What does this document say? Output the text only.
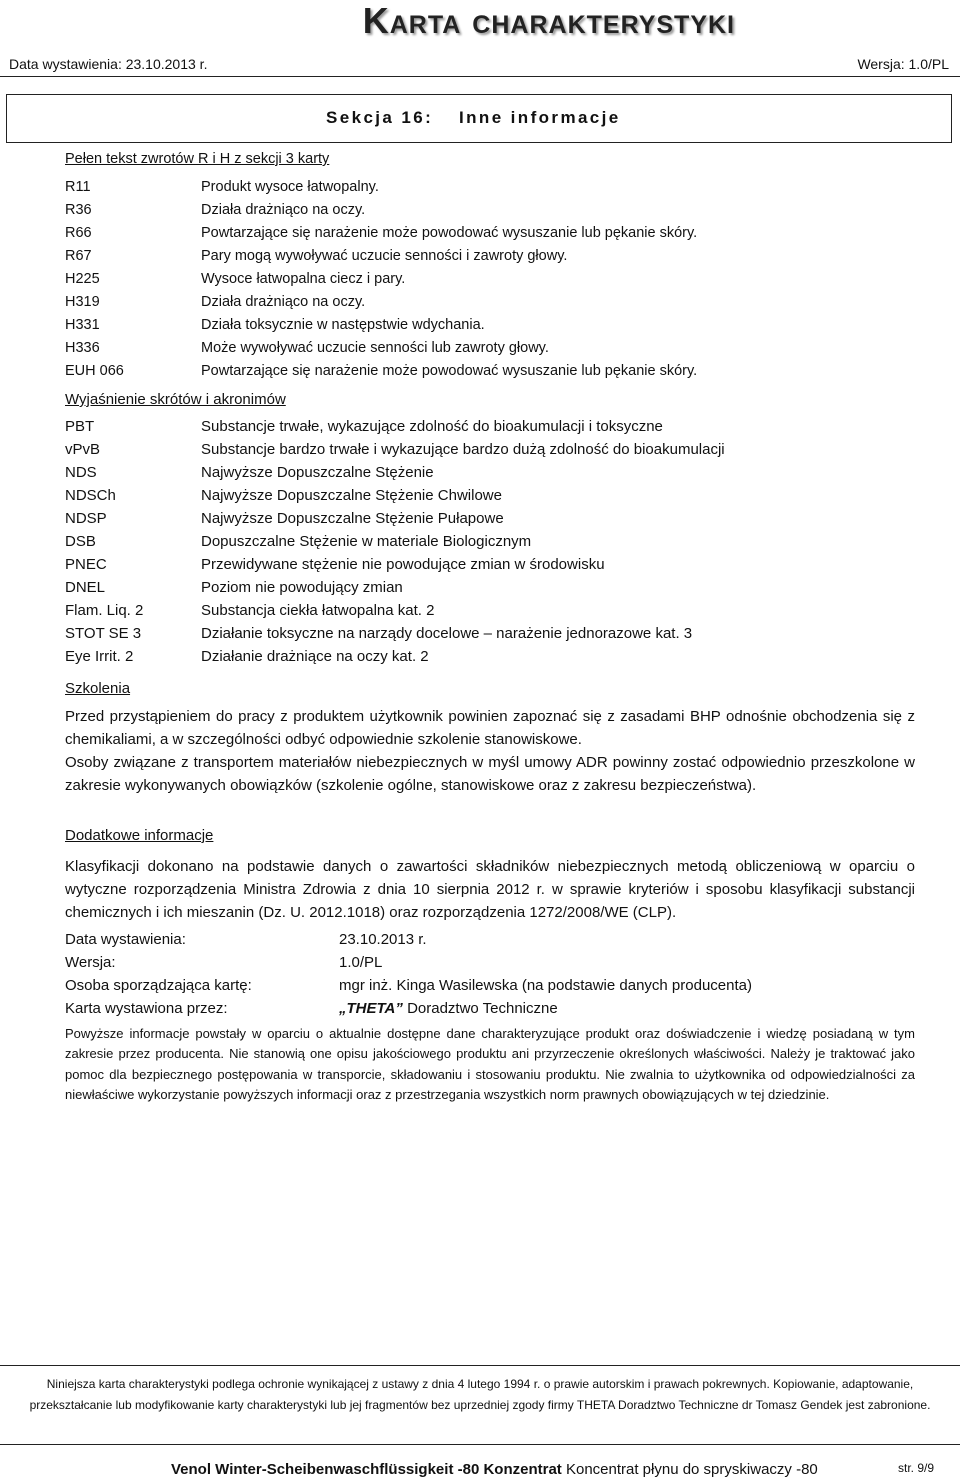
Karta charakterystyki
Data wystawienia: 23.10.2013 r.	Wersja: 1.0/PL
Sekcja 16: Inne informacje
Pełen tekst zwrotów R i H z sekcji 3 karty
R11	Produkt wysoce łatwopalny.
R36	Działa drażniąco na oczy.
R66	Powtarzające się narażenie może powodować wysuszanie lub pękanie skóry.
R67	Pary mogą wywoływać uczucie senności i zawroty głowy.
H225	Wysoce łatwopalna ciecz i pary.
H319	Działa drażniąco na oczy.
H331	Działa toksycznie w następstwie wdychania.
H336	Może wywoływać uczucie senności lub zawroty głowy.
EUH 066	Powtarzające się narażenie może powodować wysuszanie lub pękanie skóry.
Wyjaśnienie skrótów i akronimów
PBT	Substancje trwałe, wykazujące zdolność do bioakumulacji i toksyczne
vPvB	Substancje bardzo trwałe i wykazujące bardzo dużą zdolność do bioakumulacji
NDS	Najwyższe Dopuszczalne Stężenie
NDSCh	Najwyższe Dopuszczalne Stężenie Chwilowe
NDSP	Najwyższe Dopuszczalne Stężenie Pułapowe
DSB	Dopuszczalne Stężenie w materiale Biologicznym
PNEC	Przewidywane stężenie nie powodujące zmian w środowisku
DNEL	Poziom nie powodujący zmian
Flam. Liq. 2	Substancja ciekła łatwopalna kat. 2
STOT SE 3	Działanie toksyczne na narządy docelowe – narażenie jednorazowe kat. 3
Eye Irrit. 2	Działanie drażniące na oczy kat. 2
Szkolenia
Przed przystąpieniem do pracy z produktem użytkownik powinien zapoznać się z zasadami BHP odnośnie obchodzenia się z chemikaliami, a w szczególności odbyć odpowiednie szkolenie stanowiskowe.
Osoby związane z transportem materiałów niebezpiecznych w myśl umowy ADR powinny zostać odpowiednio przeszkolone w zakresie wykonywanych obowiązków (szkolenie ogólne, stanowiskowe oraz z zakresu bezpieczeństwa).
Dodatkowe informacje
Klasyfikacji dokonano na podstawie danych o zawartości składników niebezpiecznych metodą obliczeniową w oparciu o wytyczne rozporządzenia Ministra Zdrowia z dnia 10 sierpnia 2012 r. w sprawie kryteriów i sposobu klasyfikacji substancji chemicznych i ich mieszanin (Dz. U. 2012.1018) oraz rozporządzenia 1272/2008/WE (CLP).
Data wystawienia:	23.10.2013 r.
Wersja:	1.0/PL
Osoba sporządzająca kartę:	mgr inż. Kinga Wasilewska (na podstawie danych producenta)
Karta wystawiona przez:	„THETA” Doradztwo Techniczne
Powyższe informacje powstały w oparciu o aktualnie dostępne dane charakteryzujące produkt oraz doświadczenie i wiedzę posiadaną w tym zakresie przez producenta. Nie stanowią one opisu jakościowego produktu ani przyrzeczenie określonych właściwości. Należy je traktować jako pomoc dla bezpiecznego postępowania w transporcie, składowaniu i stosowaniu produktu. Nie zwalnia to użytkownika od odpowiedzialności za niewłaściwe wykorzystanie powyższych informacji oraz z przestrzegania wszystkich norm prawnych obowiązujących w tej dziedzinie.
Niniejsza karta charakterystyki podlega ochronie wynikającej z ustawy z dnia 4 lutego 1994 r. o prawie autorskim i prawach pokrewnych. Kopiowanie, adaptowanie, przekształcanie lub modyfikowanie karty charakterystyki lub jej fragmentów bez uprzedniej zgody firmy THETA Doradztwo Techniczne dr Tomasz Gendek jest zabronione.
Venol Winter-Scheibenwaschflüssigkeit -80 Konzentrat Koncentrat płynu do spryskiwaczy -80	str. 9/9
